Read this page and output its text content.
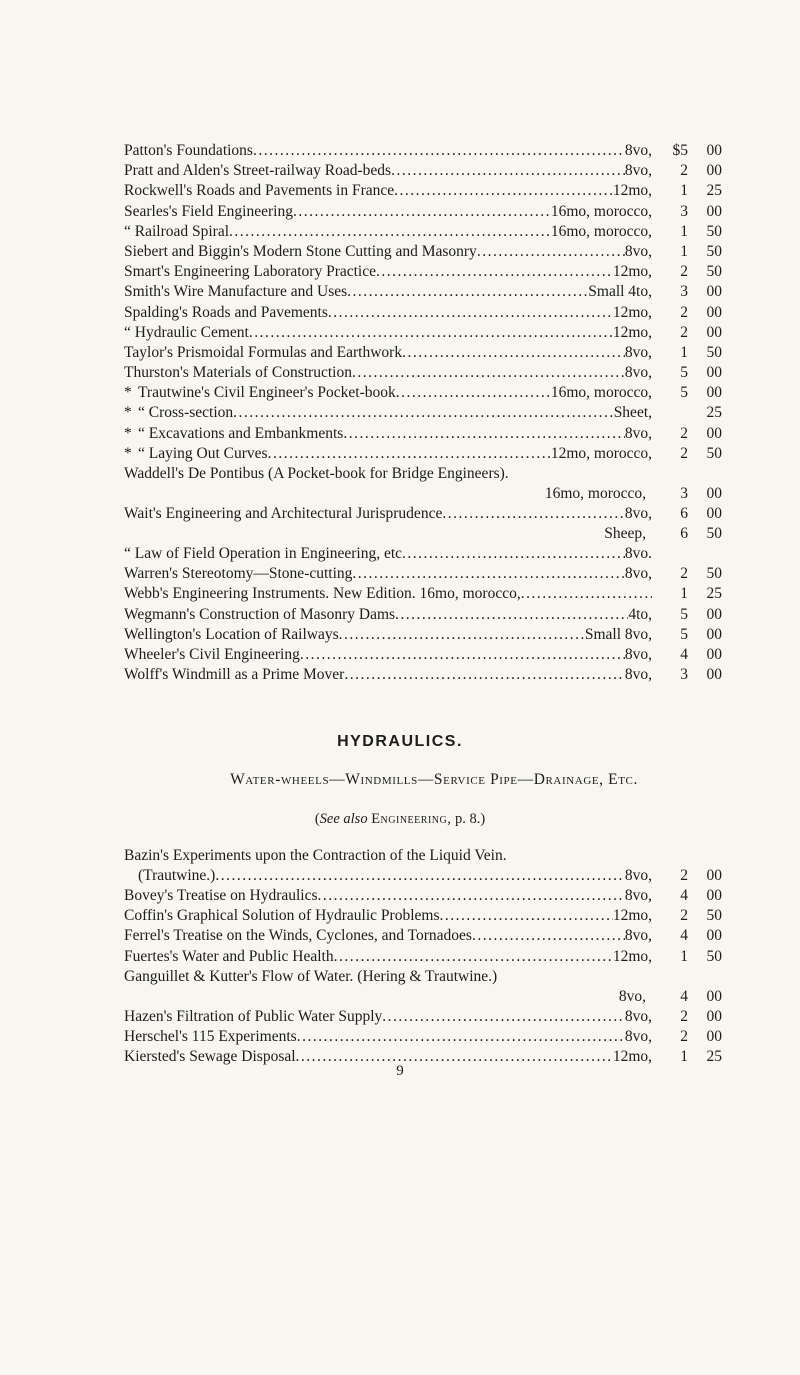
Patton's Foundations .....	8vo,	$5 00
Pratt and Alden's Street-railway Road-beds .....	8vo,	2 00
Rockwell's Roads and Pavements in France .....	12mo,	1 25
Searles's Field Engineering .....	16mo, morocco,	3 00
“ Railroad Spiral .....	16mo, morocco,	1 50
Siebert and Biggin's Modern Stone Cutting and Masonry .....	8vo,	1 50
Smart's Engineering Laboratory Practice .....	12mo,	2 50
Smith's Wire Manufacture and Uses .....	Small 4to,	3 00
Spalding's Roads and Pavements .....	12mo,	2 00
“ Hydraulic Cement .....	12mo,	2 00
Taylor's Prismoidal Formulas and Earthwork .....	8vo,	1 50
Thurston's Materials of Construction .....	8vo,	5 00
* Trautwine's Civil Engineer's Pocket-book .....	16mo, morocco,	5 00
* “ Cross-section .....	Sheet,	25
* “ Excavations and Embankments .....	8vo,	2 00
* “ Laying Out Curves .....	12mo, morocco,	2 50
Waddell's De Pontibus (A Pocket-book for Bridge Engineers).
16mo, morocco,	3 00
Wait's Engineering and Architectural Jurisprudence .....	8vo,	6 00
Sheep,	6 50
“ Law of Field Operation in Engineering, etc .....	8vo.
Warren's Stereotomy—Stone-cutting .....	8vo,	2 50
Webb's Engineering Instruments. New Edition. 16mo, morocco, .....	1 25
Wegmann's Construction of Masonry Dams .....	4to,	5 00
Wellington's Location of Railways .....	Small 8vo,	5 00
Wheeler's Civil Engineering .....	8vo,	4 00
Wolff's Windmill as a Prime Mover .....	8vo,	3 00
HYDRAULICS.
Water-wheels—Windmills—Service Pipe—Drainage, Etc.
(See also Engineering, p. 8.)
Bazin's Experiments upon the Contraction of the Liquid Vein.
(Trautwine.) .....	8vo,	2 00
Bovey's Treatise on Hydraulics .....	8vo,	4 00
Coffin's Graphical Solution of Hydraulic Problems .....	12mo,	2 50
Ferrel's Treatise on the Winds, Cyclones, and Tornadoes .....	8vo,	4 00
Fuertes's Water and Public Health .....	12mo,	1 50
Ganguillet & Kutter's Flow of Water. (Hering & Trautwine.)
8vo,	4 00
Hazen's Filtration of Public Water Supply .....	8vo,	2 00
Herschel's 115 Experiments .....	8vo,	2 00
Kiersted's Sewage Disposal .....	12mo,	1 25
9
